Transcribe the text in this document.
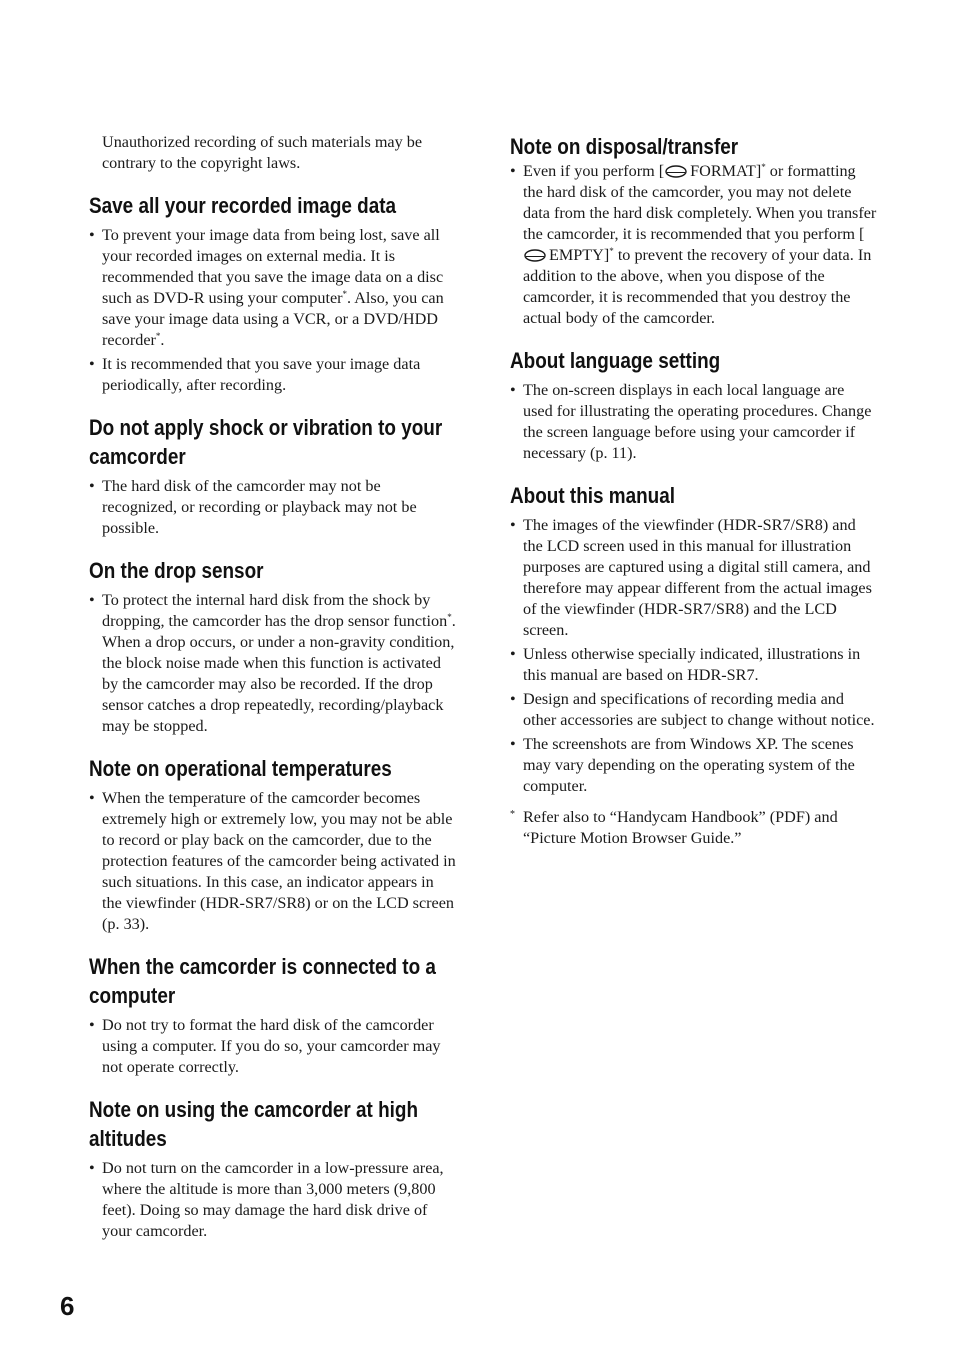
Unauthorized recording of such materials may be contrary to the copyright laws.

Save all your recorded image data
• To prevent your image data from being lost, save all your recorded images on external media. It is recommended that you save the image data on a disc such as DVD-R using your computer*. Also, you can save your image data using a VCR, or a DVD/HDD recorder*.
• It is recommended that you save your image data periodically, after recording.
Do not apply shock or vibration to your camcorder
• The hard disk of the camcorder may not be recognized, or recording or playback may not be possible.
On the drop sensor
• To protect the internal hard disk from the shock by dropping, the camcorder has the drop sensor function*. When a drop occurs, or under a non-gravity condition, the block noise made when this function is activated by the camcorder may also be recorded. If the drop sensor catches a drop repeatedly, recording/playback may be stopped.
Note on operational temperatures
• When the temperature of the camcorder becomes extremely high or extremely low, you may not be able to record or play back on the camcorder, due to the protection features of the camcorder being activated in such situations. In this case, an indicator appears in the viewfinder (HDR-SR7/SR8) or on the LCD screen (p. 33).
When the camcorder is connected to a computer
• Do not try to format the hard disk of the camcorder using a computer. If you do so, your camcorder may not operate correctly.
Note on using the camcorder at high altitudes
• Do not turn on the camcorder in a low-pressure area, where the altitude is more than 3,000 meters (9,800 feet). Doing so may damage the hard disk drive of your camcorder.
Note on disposal/transfer
• Even if you perform [ FORMAT]* or formatting the hard disk of the camcorder, you may not delete data from the hard disk completely. When you transfer the camcorder, it is recommended that you perform [EMPTY]* to prevent the recovery of your data. In addition to the above, when you dispose of the camcorder, it is recommended that you destroy the actual body of the camcorder.
About language setting
• The on-screen displays in each local language are used for illustrating the operating procedures. Change the screen language before using your camcorder if necessary (p. 11).
About this manual
• The images of the viewfinder (HDR-SR7/SR8) and the LCD screen used in this manual for illustration purposes are captured using a digital still camera, and therefore may appear different from the actual images of the viewfinder (HDR-SR7/SR8) and the LCD screen.
• Unless otherwise specially indicated, illustrations in this manual are based on HDR-SR7.
• Design and specifications of recording media and other accessories are subject to change without notice.
• The screenshots are from Windows XP. The scenes may vary depending on the operating system of the computer.

* Refer also to “Handycam Handbook” (PDF) and “Picture Motion Browser Guide.”

6
